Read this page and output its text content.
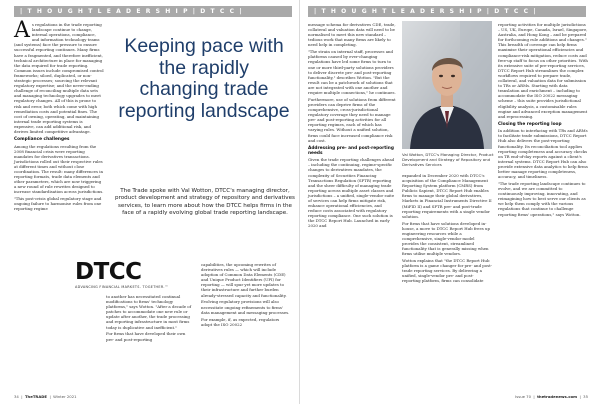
| T H O U G H T L E A D E R S H I P | D T C C |

As regulations in the trade reporting landscape continue to change, internal operations, compliance, and information technology teams (and systems) face the pressure to ensure successful reporting continues. Many firms have a fragmented, and therefore inefficient, technical architecture in place for managing the data required for trade reporting. Common issues include compromised control frameworks; siloed, duplicated, or non-strategic processes; sourcing the relevant regulatory expertise; and the never-ending challenge of reconciling multiple data sets and managing technology upgrades to meet regulatory changes. All of this is prone to risk and error, both which come with high remediation costs and potential fines. The cost of owning, operating, and maintaining internal trade reporting systems is expensive, can add additional risk, and derives limited competitive advantage.

Compliance challenges

Among the regulations resulting from the 2008 financial crisis were reporting mandates for derivatives transactions. Jurisdictions rolled out their respective rules at different times and without close coordination. The result: many differences in reporting formats, trade data elements and other parameters, which are now triggering a new round of rule rewrites designed to increase standardisation across jurisdictions.

"This post-crisis global regulatory stage and ongoing failure to harmonise rules from one reporting regime

Keeping pace with the rapidly changing trade reporting landscape
The Trade spoke with Val Wotton, DTCC's managing director, product development and strategy of repository and derivatives services, to learn more about how the DTCC helps firms in the face of a rapidly evolving global trade reporting landscape.
DTCC
ADVANCING FINANCIAL MARKETS. TOGETHER.™

to another has necessitated continual modifications to firms' technology platforms," says Wotton. "After a decade of patches to accommodate one new rule or update after another, the trade processing and reporting infrastructure in most firms today is duplicative and inefficient."

For firms that have developed their own pre- and post-reporting

capabilities, the upcoming rewrites of derivatives rules — which will include adoption of Common Data Elements (CDE) and Unique Product Identifiers (UPI) for reporting — will spur yet more updates to their infrastructure and further burden already-stressed capacity and functionality.

Evolving regulatory provisions will also necessitate ongoing refinements to firms' data management and messaging processes.

For example, if, as expected, regulators adopt the ISO 20022

34  |  TheTRADE  |  Winter 2021
| T H O U G H T L E A D E R S H I P | D T C C |

message schema for derivatives CDE, trade, collateral and valuation data will need to be normalised to meet this new standard – tedious work that many firms are likely to need help in completing.

"The strain on internal staff, processes and platforms caused by ever-changing regulations have led some firms to turn to one or more third-party solutions providers to deliver discrete pre- and post-reporting functionality," describes Wotton. "But the result can be a patchwork of solutions that are not integrated with one another and require multiple connections," he continues.

Furthermore, use of solutions from different providers can deprive firms of the comprehensive, cross-jurisdictional regulatory coverage they need to manage pre- and post-reporting activities for all reporting regimes, each of which has varying rules. Without a unified solution, firms could face increased compliance risk and cost.

Addressing pre- and post-reporting needs

Given the trade reporting challenges ahead – including the continuing, regime-specific changes to derivatives mandates, the complexity of Securities Financing Transactions Regulation (SFTR) reporting and the sheer difficulty of managing trade reporting across multiple asset classes and jurisdictions – a unified, single-vendor suite of services can help firms mitigate risk, enhance operational efficiencies, and reduce costs associated with regulatory reporting compliance. One such solution is the DTCC Report Hub. Launched in early 2020 and

Val Wotton, DTCC's Managing Director, Product Development and Strategy of Repository and Derivatives Services

expanded in December 2020 with DTCC's acquisition of the Compliance Management Reporting System platform (CMRS) from Publicis Sapient, DTCC Report Hub enables firms to manage their global derivatives, Markets in Financial Instruments Directive II (MiFID II) and SFTR pre- and post-trade reporting requirements with a single vendor solution.

For firms that have solutions developed in-house, a move to DTCC Report Hub frees up engineering resources while a comprehensive, single-vendor model provides the consistent, streamlined functionality that is generally missing when firms utilise multiple vendors.

Wotton explains that "the DTCC Report Hub platform is a game changer for pre- and post-trade reporting services. By delivering a unified, single-vendor pre- and post-reporting platform, firms can consolidate

reporting activities for multiple jurisdictions – US, UK, Europe, Canada, Israel, Singapore, Australia, and Hong Kong – and be prepared for forthcoming rule additions and changes." This breadth of coverage can help firms maximise their operational efficiencies and compliance-risk mitigation, reduce costs and free-up staff to focus on other priorities. With its extensive suite of pre-reporting services, DTCC Report Hub streamlines the complex workflows required to prepare trade, collateral, and valuation data for submission to TRs or ARMs. Starting with data translation and enrichment – including to accommodate the ISO 20022 messaging scheme – this suite provides jurisdictional eligibility analysis, a customisable rules engine and advanced exception management and reprocessing.

Closing the reporting loop

In addition to interfacing with TRs and ARMs to facilitate trade submissions, DTCC Report Hub also delivers the post-reporting functionality. Its reconciliation tool applies reporting completeness and accuracy checks on TR end-of-day reports against a client's internal systems. DTCC Report Hub can also provide extensive data analytics to help firms better manage reporting completeness, accuracy, and timeliness.

"The trade reporting landscape continues to evolve, and we are committed to continuously improving, innovating, and reimagining how to best serve our clients as we help them comply with the various regulations that continue to challenge reporting firms' operations," says Wotton.

Issue 70  |  thetradenews.com  |  35
